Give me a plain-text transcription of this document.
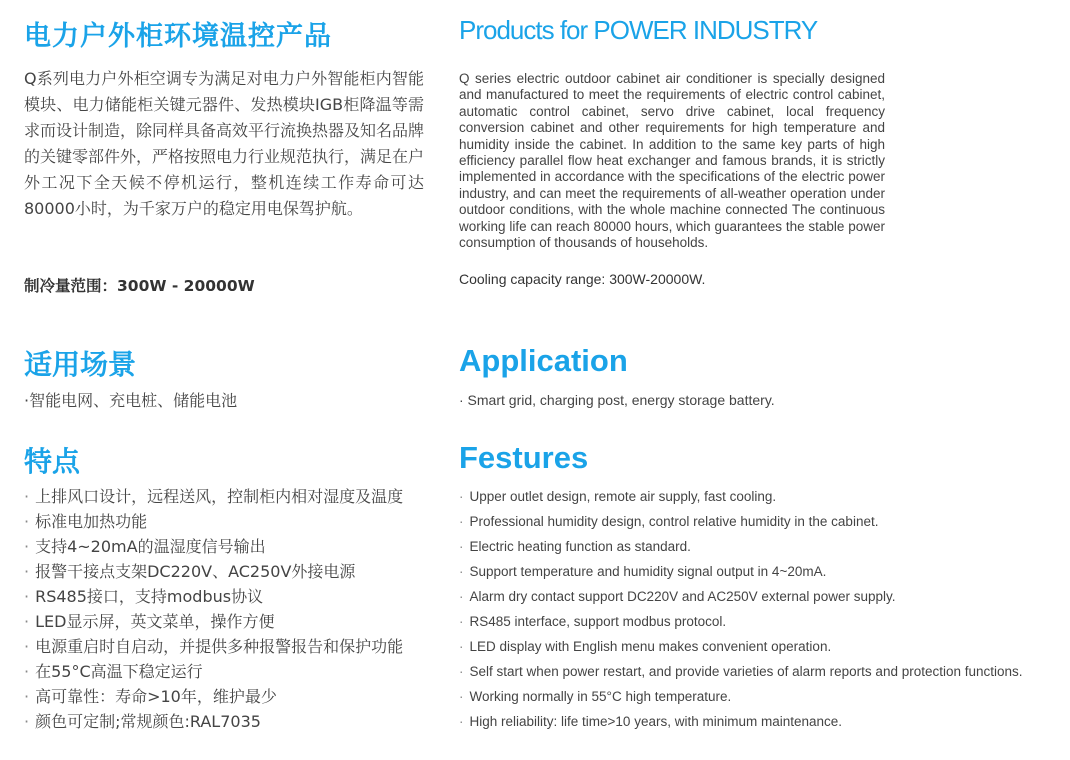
电力户外柜环境温控产品

Q系列电力户外柜空调专为满足对电力户外智能柜内智能模块、电力储能柜关键元器件、发热模块IGB柜降温等需求而设计制造，除同样具备高效平行流换热器及知名品牌的关键零部件外，严格按照电力行业规范执行，满足在户外工况下全天候不停机运行，整机连续工作寿命可达80000小时，为千家万户的稳定用电保驾护航。

制冷量范围：300W - 20000W

适用场景

·智能电网、充电桩、储能电池

特点
· 上排风口设计，远程送风，控制柜内相对湿度及温度
· 标准电加热功能
· 支持4~20mA的温湿度信号输出
· 报警干接点支架DC220V、AC250V外接电源
· RS485接口，支持modbus协议
· LED显示屏，英文菜单，操作方便
· 电源重启时自启动，并提供多种报警报告和保护功能
· 在55°C高温下稳定运行
· 高可靠性：寿命>10年，维护最少
· 颜色可定制;常规颜色:RAL7035
Products for POWER INDUSTRY

Q series electric outdoor cabinet air conditioner is specially designed and manufactured to meet the requirements of electric control cabinet, automatic control cabinet, servo drive cabinet, local frequency conversion cabinet and other requirements for high temperature and humidity inside the cabinet. In addition to the same key parts of high efficiency parallel flow heat exchanger and famous brands, it is strictly implemented in accordance with the specifications of the electric power industry, and can meet the requirements of all-weather operation under outdoor conditions, with the whole machine connected The continuous working life can reach 80000 hours, which guarantees the stable power consumption of thousands of households.

Cooling capacity range: 300W-20000W.

Application

· Smart grid, charging post, energy storage battery.

Festures
· Upper outlet design, remote air supply, fast cooling.
· Professional humidity design, control relative humidity in the cabinet.
· Electric heating function as standard.
· Support temperature and humidity signal output in 4~20mA.
· Alarm dry contact support DC220V and AC250V external power supply.
· RS485 interface, support modbus protocol.
· LED display with English menu makes convenient operation.
· Self start when power restart, and provide varieties of alarm reports and protection functions.
· Working normally in 55°C high temperature.
· High reliability: life time>10 years, with minimum maintenance.
